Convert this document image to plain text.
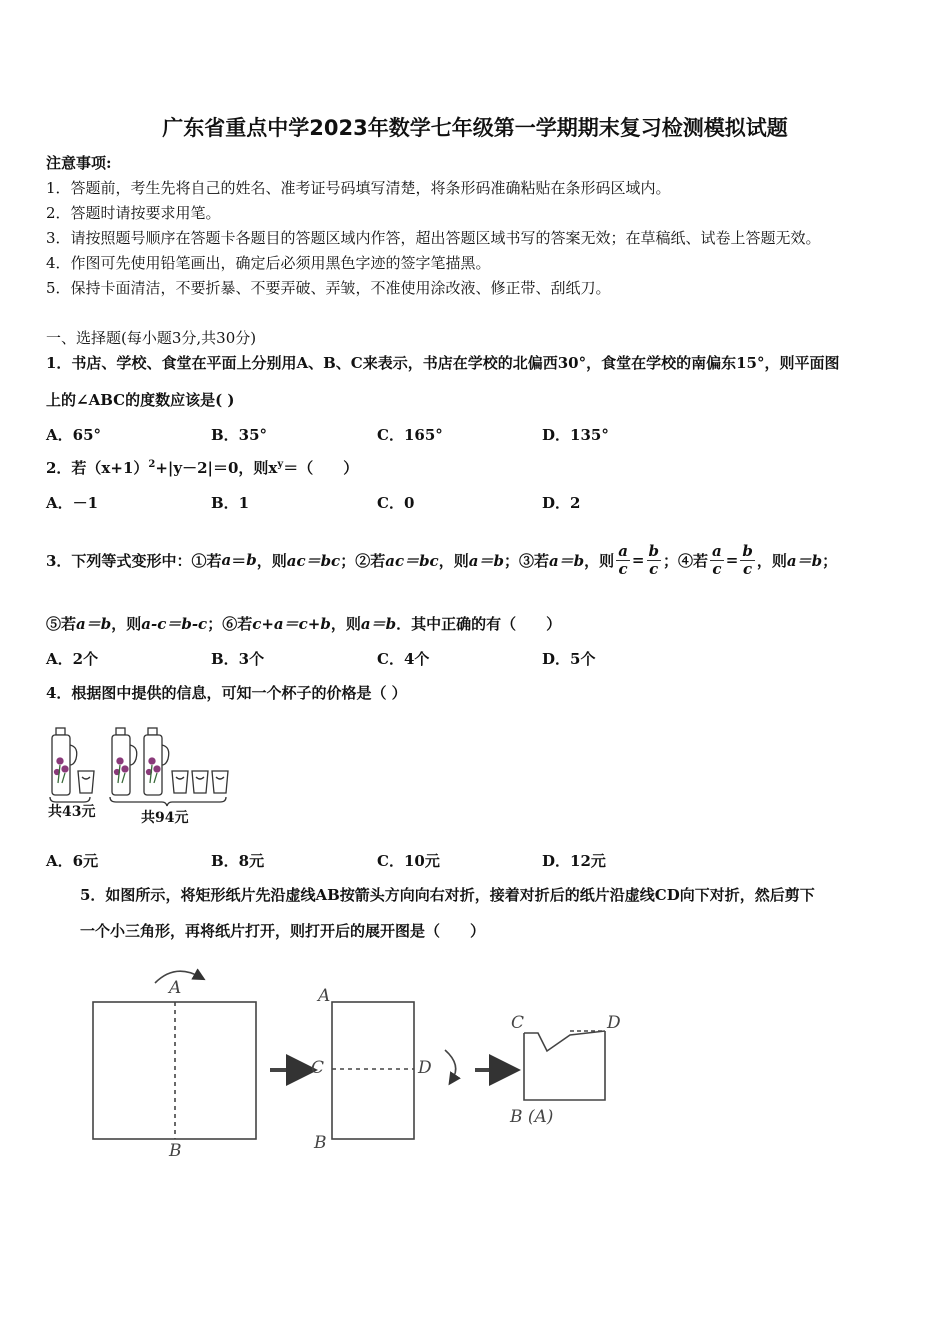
广东省重点中学2023年数学七年级第一学期期末复习检测模拟试题
注意事项:
1．答题前，考生先将自己的姓名、准考证号码填写清楚，将条形码准确粘贴在条形码区域内。
2．答题时请按要求用笔。
3．请按照题号顺序在答题卡各题目的答题区域内作答，超出答题区域书写的答案无效；在草稿纸、试卷上答题无效。
4．作图可先使用铅笔画出，确定后必须用黑色字迹的签字笔描黑。
5．保持卡面清洁，不要折暴、不要弄破、弄皱，不准使用涂改液、修正带、刮纸刀。
一、选择题(每小题3分,共30分)
1．书店、学校、食堂在平面上分别用A、B、C来表示，书店在学校的北偏西30°，食堂在学校的南偏东15°，则平面图
上的∠ABC的度数应该是( )
A．65°	B．35°	C．165°	D．135°
2．若$(x+1)^2+|y-2|=0$，则$x^y=$（　　）
A．－1	B．1	C．0	D．2
3．下列等式变形中：①若 a ＝ b ，则 ac＝bc ；②若 ac＝bc ，则 a＝b ；③若 a＝b ，则 $\frac{a}{c} = \frac{b}{c}$ ；④若 $\frac{a}{c} = \frac{b}{c}$ ，则 a＝b ；
⑤若a＝b，则a-c＝b-c；⑥若c+a＝c+b，则a＝b．其中正确的有（　　）
A．2个	B．3个	C．4个	D．5个
4．根据图中提供的信息，可知一个杯子的价格是（ ）
共43元	共94元
A．6元	B．8元	C．10元	D．12元
5．如图所示，将矩形纸片先沿虚线AB按箭头方向向右对折，接着对折后的纸片沿虚线CD向下对折，然后剪下
一个小三角形，再将纸片打开，则打开后的展开图是（　　）
A
B
A
B
C	D
C	D
B (A)
